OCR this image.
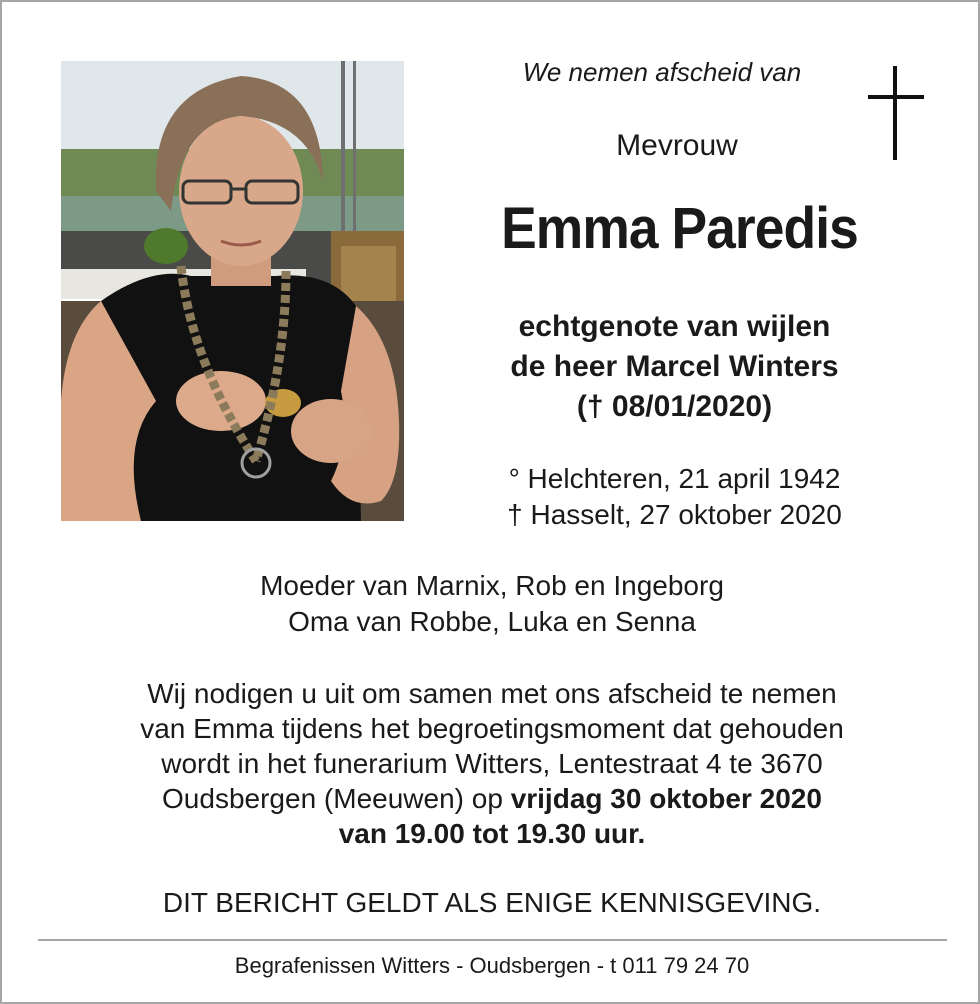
We nemen afscheid van
Mevrouw
Emma Paredis
echtgenote van wijlen
de heer Marcel Winters
(† 08/01/2020)
° Helchteren, 21 april 1942
† Hasselt, 27 oktober 2020
Moeder van Marnix, Rob en Ingeborg
Oma van Robbe, Luka en Senna
Wij nodigen u uit om samen met ons afscheid te nemen
van Emma tijdens het begroetingsmoment dat gehouden
wordt in het funerarium Witters, Lentestraat 4 te 3670
Oudsbergen (Meeuwen) op vrijdag 30 oktober 2020
van 19.00 tot 19.30 uur.
DIT BERICHT GELDT ALS ENIGE KENNISGEVING.
Begrafenissen Witters - Oudsbergen - t 011 79 24 70
